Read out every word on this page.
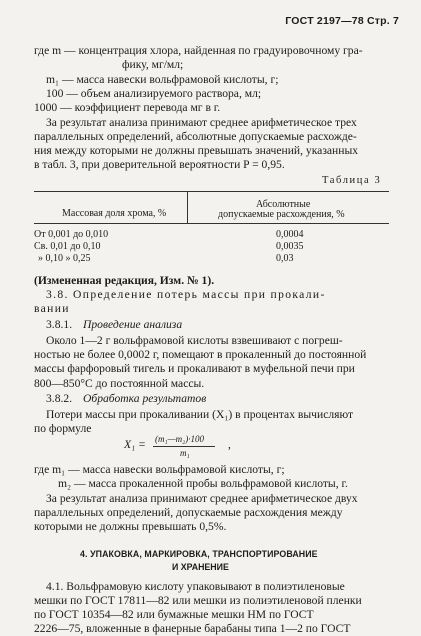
ГОСТ 2197—78 Стр. 7
где m — концентрация хлора, найденная по градуировочному гра-
фику, мг/мл;
m₁ — масса навески вольфрамовой кислоты, г;
100 — объем анализируемого раствора, мл;
1000 — коэффициент перевода мг в г.
За результат анализа принимают среднее арифметическое трех
параллельных определений, абсолютные допускаемые расхожде-
ния между которыми не должны превышать значений, указанных
в табл. 3, при доверительной вероятности P = 0,95.
Таблица 3
Массовая доля хрома, %
Абсолютные
допускаемые расхождения, %
От 0,001 до 0,010	0,0004
Св. 0,01 до 0,10	0,0035
» 0,10 » 0,25	0,03
(Измененная редакция, Изм. № 1).
3.8. Определение потерь массы при прокали-
вании
3.8.1. Проведение анализа
Около 1—2 г вольфрамовой кислоты взвешивают с погреш-
ностью не более 0,0002 г, помещают в прокаленный до постоянной
массы фарфоровый тигель и прокаливают в муфельной печи при
800—850°C до постоянной массы.
3.8.2. Обработка результатов
Потери массы при прокаливании (X₁) в процентах вычисляют
по формуле
X₁ = (m₁—m₂)·100
m₁
,
где m₁ — масса навески вольфрамовой кислоты, г;
m₂ — масса прокаленной пробы вольфрамовой кислоты, г.
За результат анализа принимают среднее арифметическое двух
параллельных определений, допускаемые расхождения между
которыми не должны превышать 0,5%.
4. УПАКОВКА, МАРКИРОВКА, ТРАНСПОРТИРОВАНИЕ
И ХРАНЕНИЕ
4.1. Вольфрамовую кислоту упаковывают в полиэтиленовые
мешки по ГОСТ 17811—82 или мешки из полиэтиленовой пленки
по ГОСТ 10354—82 или бумажные мешки НМ по ГОСТ
2226—75, вложенные в фанерные барабаны типа 1—2 по ГОСТ
